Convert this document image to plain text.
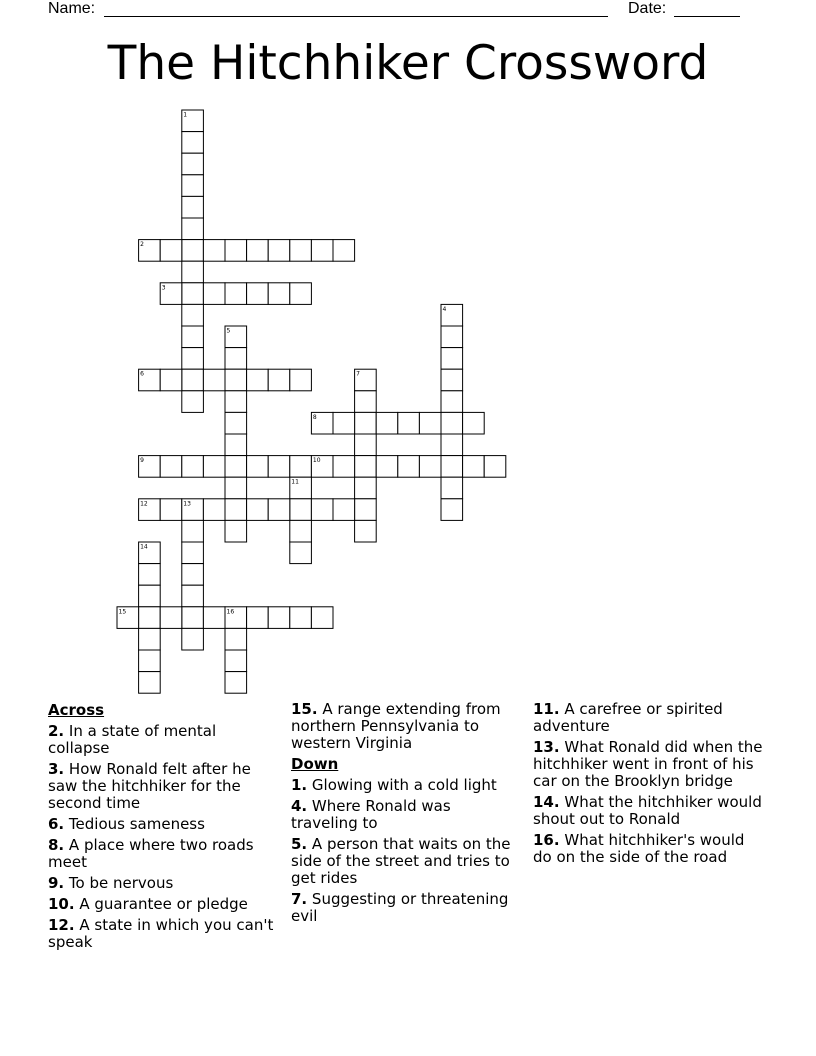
Name:	Date:
The Hitchhiker Crossword
1
2
3
4
5
6	7
8
9	10
11
12	13
14
15	16
Across
2. In a state of mental collapse
3. How Ronald felt after he saw the hitchhiker for the second time
6. Tedious sameness
8. A place where two roads meet
9. To be nervous
10. A guarantee or pledge
12. A state in which you can't speak
15. A range extending from northern Pennsylvania to western Virginia
Down
1. Glowing with a cold light
4. Where Ronald was traveling to
5. A person that waits on the side of the street and tries to get rides
7. Suggesting or threatening evil
11. A carefree or spirited adventure
13. What Ronald did when the hitchhiker went in front of his car on the Brooklyn bridge
14. What the hitchhiker would shout out to Ronald
16. What hitchhiker's would do on the side of the road
